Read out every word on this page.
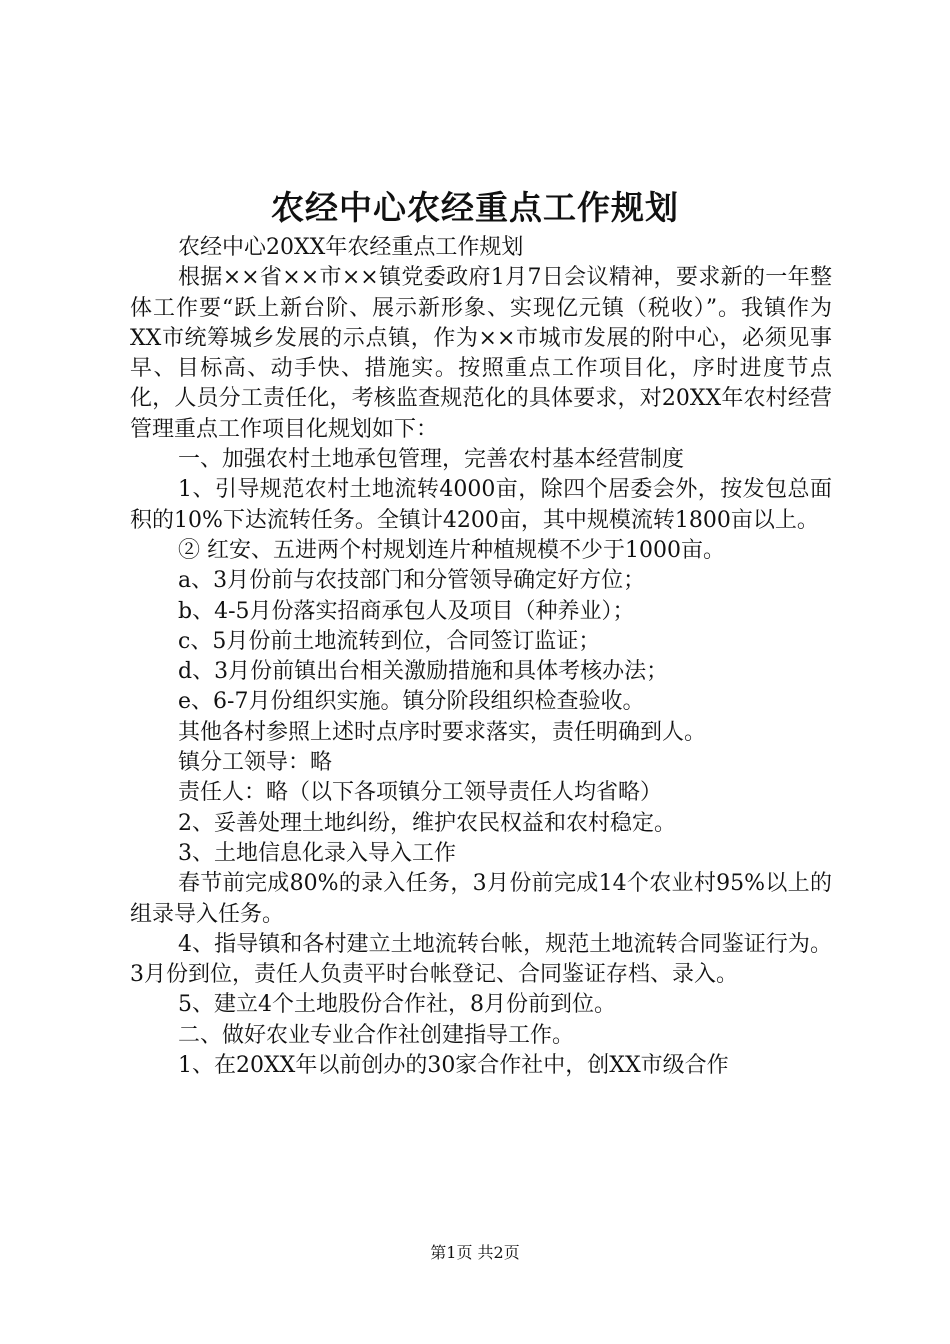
农经中心农经重点工作规划

农经中心20XX年农经重点工作规划

根据××省××市××镇党委政府1月7日会议精神，要求新的一年整体工作要“跃上新台阶、展示新形象、实现亿元镇（税收）”。我镇作为XX市统筹城乡发展的示点镇，作为××市城市发展的附中心，必须见事早、目标高、动手快、措施实。按照重点工作项目化，序时进度节点化，人员分工责任化，考核监查规范化的具体要求，对20XX年农村经营管理重点工作项目化规划如下：

一、加强农村土地承包管理，完善农村基本经营制度

1、引导规范农村土地流转4000亩，除四个居委会外，按发包总面积的10%下达流转任务。全镇计4200亩，其中规模流转1800亩以上。

② 红安、五进两个村规划连片种植规模不少于1000亩。

a、3月份前与农技部门和分管领导确定好方位；

b、4-5月份落实招商承包人及项目（种养业）；

c、5月份前土地流转到位，合同签订监证；

d、3月份前镇出台相关激励措施和具体考核办法；

e、6-7月份组织实施。镇分阶段组织检查验收。

其他各村参照上述时点序时要求落实，责任明确到人。

镇分工领导：略

责任人：略（以下各项镇分工领导责任人均省略）

2、妥善处理土地纠纷，维护农民权益和农村稳定。

3、土地信息化录入导入工作

春节前完成80%的录入任务，3月份前完成14个农业村95%以上的组录导入任务。

4、指导镇和各村建立土地流转台帐，规范土地流转合同鉴证行为。3月份到位，责任人负责平时台帐登记、合同鉴证存档、录入。

5、建立4个土地股份合作社，8月份前到位。

二、做好农业专业合作社创建指导工作。

1、在20XX年以前创办的30家合作社中，创XX市级合作

第1页 共2页
